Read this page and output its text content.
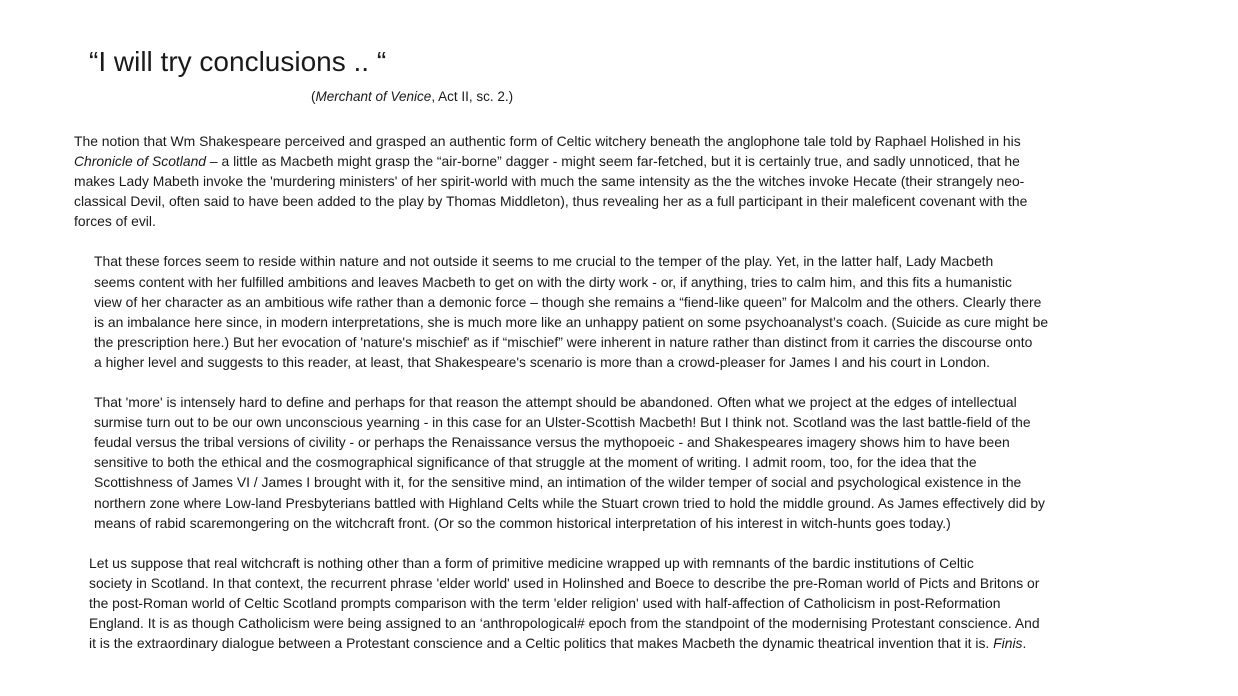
“I will try conclusions .. “
(Merchant of Venice, Act II, sc. 2.)

The notion that Wm Shakespeare perceived and grasped an authentic form of Celtic witchery beneath the anglophone tale told by Raphael Holished in his
Chronicle of Scotland – a little as Macbeth might grasp the “air-borne” dagger - might seem far-fetched, but it is certainly true, and sadly unnoticed, that he
makes Lady Mabeth invoke the 'murdering ministers' of her spirit-world with much the same intensity as the the witches invoke Hecate (their strangely neo-
classical Devil, often said to have been added to the play by Thomas Middleton), thus revealing her as a full participant in their maleficent covenant with the
forces of evil.

That these forces seem to reside within nature and not outside it seems to me crucial to the temper of the play. Yet, in the latter half, Lady Macbeth
seems content with her fulfilled ambitions and leaves Macbeth to get on with the dirty work - or, if anything, tries to calm him, and this fits a humanistic
view of her character as an ambitious wife rather than a demonic force – though she remains a “fiend-like queen” for Malcolm and the others. Clearly there
is an imbalance here since, in modern interpretations, she is much more like an unhappy patient on some psychoanalyst’s coach. (Suicide as cure might be
the prescription here.) But her evocation of 'nature's mischief' as if “mischief” were inherent in nature rather than distinct from it carries the discourse onto
a higher level and suggests to this reader, at least, that Shakespeare's scenario is more than a crowd-pleaser for James I and his court in London.

That 'more' is intensely hard to define and perhaps for that reason the attempt should be abandoned. Often what we project at the edges of intellectual
surmise turn out to be our own unconscious yearning - in this case for an Ulster-Scottish Macbeth! But I think not. Scotland was the last battle-field of the
feudal versus the tribal versions of civility - or perhaps the Renaissance versus the mythopoeic - and Shakespeares imagery shows him to have been
sensitive to both the ethical and the cosmographical significance of that struggle at the moment of writing. I admit room, too, for the idea that the
Scottishness of James VI / James I brought with it, for the sensitive mind, an intimation of the wilder temper of social and psychological existence in the
northern zone where Low-land Presbyterians battled with Highland Celts while the Stuart crown tried to hold the middle ground. As James effectively did by
means of rabid scaremongering on the witchcraft front. (Or so the common historical interpretation of his interest in witch-hunts goes today.)

Let us suppose that real witchcraft is nothing other than a form of primitive medicine wrapped up with remnants of the bardic institutions of Celtic
society in Scotland. In that context, the recurrent phrase 'elder world' used in Holinshed and Boece to describe the pre-Roman world of Picts and Britons or
the post-Roman world of Celtic Scotland prompts comparison with the term 'elder religion' used with half-affection of Catholicism in post-Reformation
England. It is as though Catholicism were being assigned to an ‘anthropological# epoch from the standpoint of the modernising Protestant conscience. And
it is the extraordinary dialogue between a Protestant conscience and a Celtic politics that makes Macbeth the dynamic theatrical invention that it is. Finis.
